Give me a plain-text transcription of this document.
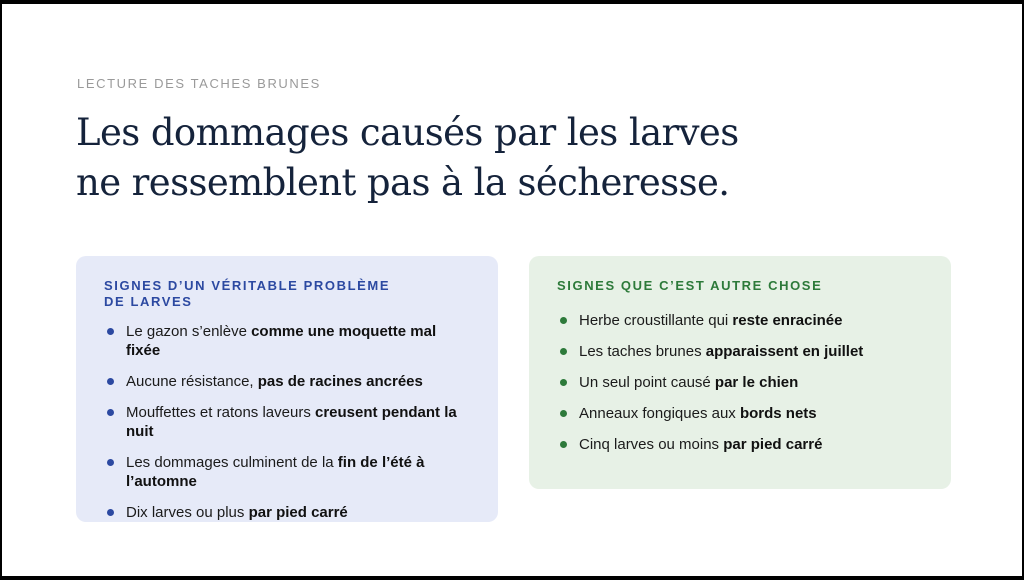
LECTURE DES TACHES BRUNES
Les dommages causés par les larves
ne ressemblent pas à la sécheresse.
SIGNES D’UN VÉRITABLE PROBLÈME
DE LARVES
Le gazon s’enlève comme une moquette mal fixée
Aucune résistance, pas de racines ancrées
Mouffettes et ratons laveurs creusent pendant la nuit
Les dommages culminent de la fin de l’été à l’automne
Dix larves ou plus par pied carré
SIGNES QUE C’EST AUTRE CHOSE
Herbe croustillante qui reste enracinée
Les taches brunes apparaissent en juillet
Un seul point causé par le chien
Anneaux fongiques aux bords nets
Cinq larves ou moins par pied carré
